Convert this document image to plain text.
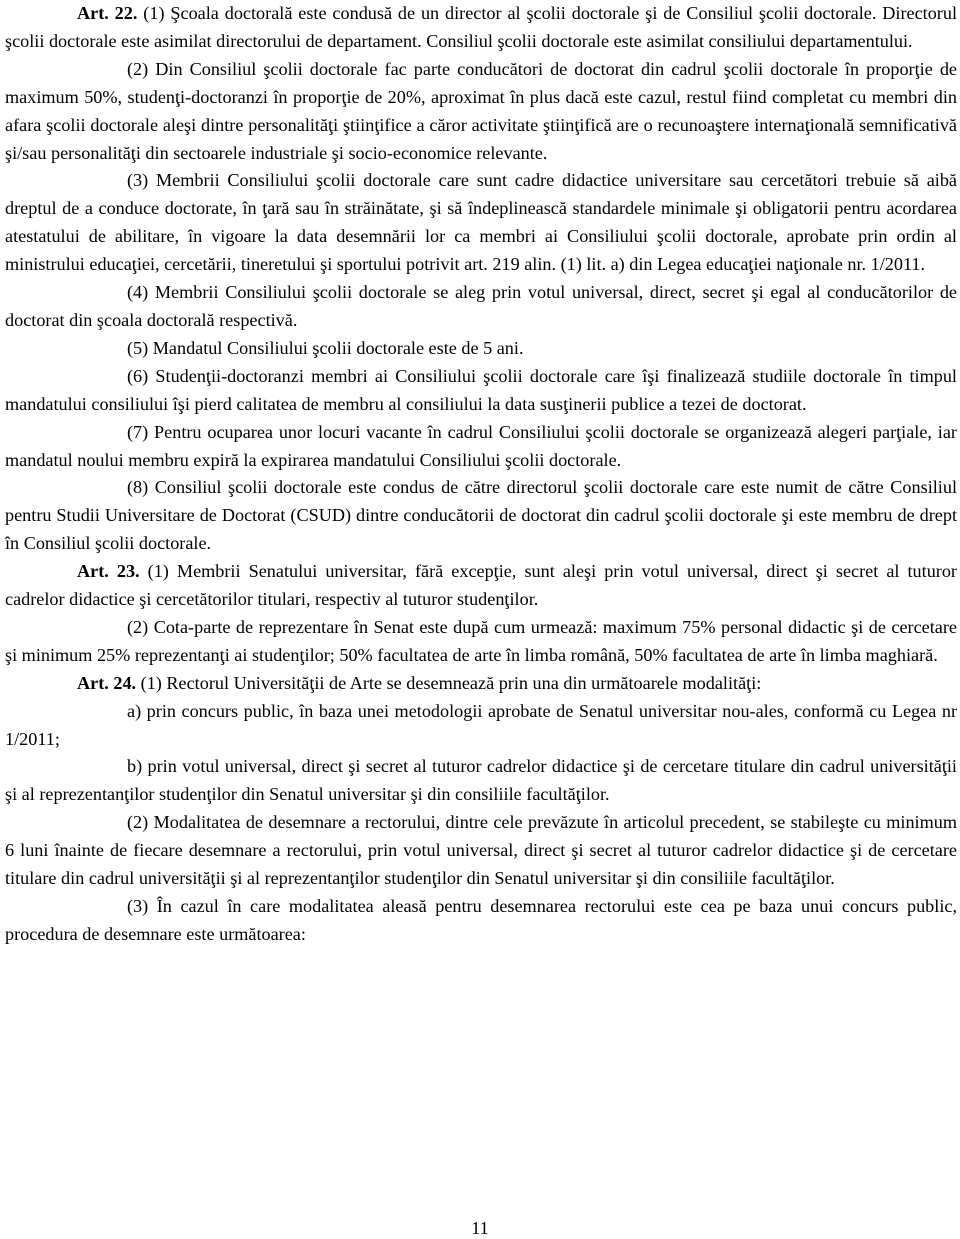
Art. 22. (1) Şcoala doctorală este condusă de un director al şcolii doctorale şi de Consiliul şcolii doctorale. Directorul şcolii doctorale este asimilat directorului de departament. Consiliul şcolii doctorale este asimilat consiliului departamentului.

(2) Din Consiliul şcolii doctorale fac parte conducători de doctorat din cadrul şcolii doctorale în proporţie de maximum 50%, studenţi-doctoranzi în proporţie de 20%, aproximat în plus dacă este cazul, restul fiind completat cu membri din afara şcolii doctorale aleşi dintre personalităţi ştiinţifice a căror activitate ştiinţifică are o recunoaştere internaţională semnificativă şi/sau personalităţi din sectoarele industriale şi socio-economice relevante.

(3) Membrii Consiliului şcolii doctorale care sunt cadre didactice universitare sau cercetători trebuie să aibă dreptul de a conduce doctorate, în ţară sau în străinătate, şi să îndeplinească standardele minimale şi obligatorii pentru acordarea atestatului de abilitare, în vigoare la data desemnării lor ca membri ai Consiliului şcolii doctorale, aprobate prin ordin al ministrului educaţiei, cercetării, tineretului şi sportului potrivit art. 219 alin. (1) lit. a) din Legea educaţiei naţionale nr. 1/2011.

(4) Membrii Consiliului şcolii doctorale se aleg prin votul universal, direct, secret şi egal al conducătorilor de doctorat din şcoala doctorală respectivă.

(5) Mandatul Consiliului şcolii doctorale este de 5 ani.

(6) Studenţii-doctoranzi membri ai Consiliului şcolii doctorale care îşi finalizează studiile doctorale în timpul mandatului consiliului îşi pierd calitatea de membru al consiliului la data susţinerii publice a tezei de doctorat.

(7) Pentru ocuparea unor locuri vacante în cadrul Consiliului şcolii doctorale se organizează alegeri parţiale, iar mandatul noului membru expiră la expirarea mandatului Consiliului şcolii doctorale.

(8) Consiliul şcolii doctorale este condus de către directorul şcolii doctorale care este numit de către Consiliul pentru Studii Universitare de Doctorat (CSUD) dintre conducătorii de doctorat din cadrul şcolii doctorale şi este membru de drept în Consiliul şcolii doctorale.

Art. 23. (1) Membrii Senatului universitar, fără excepţie, sunt aleşi prin votul universal, direct şi secret al tuturor cadrelor didactice şi cercetătorilor titulari, respectiv al tuturor studenţilor.

(2) Cota-parte de reprezentare în Senat este după cum urmează: maximum 75% personal didactic şi de cercetare şi minimum 25% reprezentanţi ai studenţilor; 50% facultatea de arte în limba română, 50% facultatea de arte în limba maghiară.

Art. 24. (1) Rectorul Universităţii de Arte se desemnează prin una din următoarele modalităţi:

a) prin concurs public, în baza unei metodologii aprobate de Senatul universitar nou-ales, conformă cu Legea nr 1/2011;

b) prin votul universal, direct şi secret al tuturor cadrelor didactice şi de cercetare titulare din cadrul universităţii şi al reprezentanţilor studenţilor din Senatul universitar şi din consiliile facultăţilor.

(2) Modalitatea de desemnare a rectorului, dintre cele prevăzute în articolul precedent, se stabileşte cu minimum 6 luni înainte de fiecare desemnare a rectorului, prin votul universal, direct şi secret al tuturor cadrelor didactice şi de cercetare titulare din cadrul universităţii şi al reprezentanţilor studenţilor din Senatul universitar şi din consiliile facultăţilor.

(3) În cazul în care modalitatea aleasă pentru desemnarea rectorului este cea pe baza unui concurs public, procedura de desemnare este următoarea:

11
